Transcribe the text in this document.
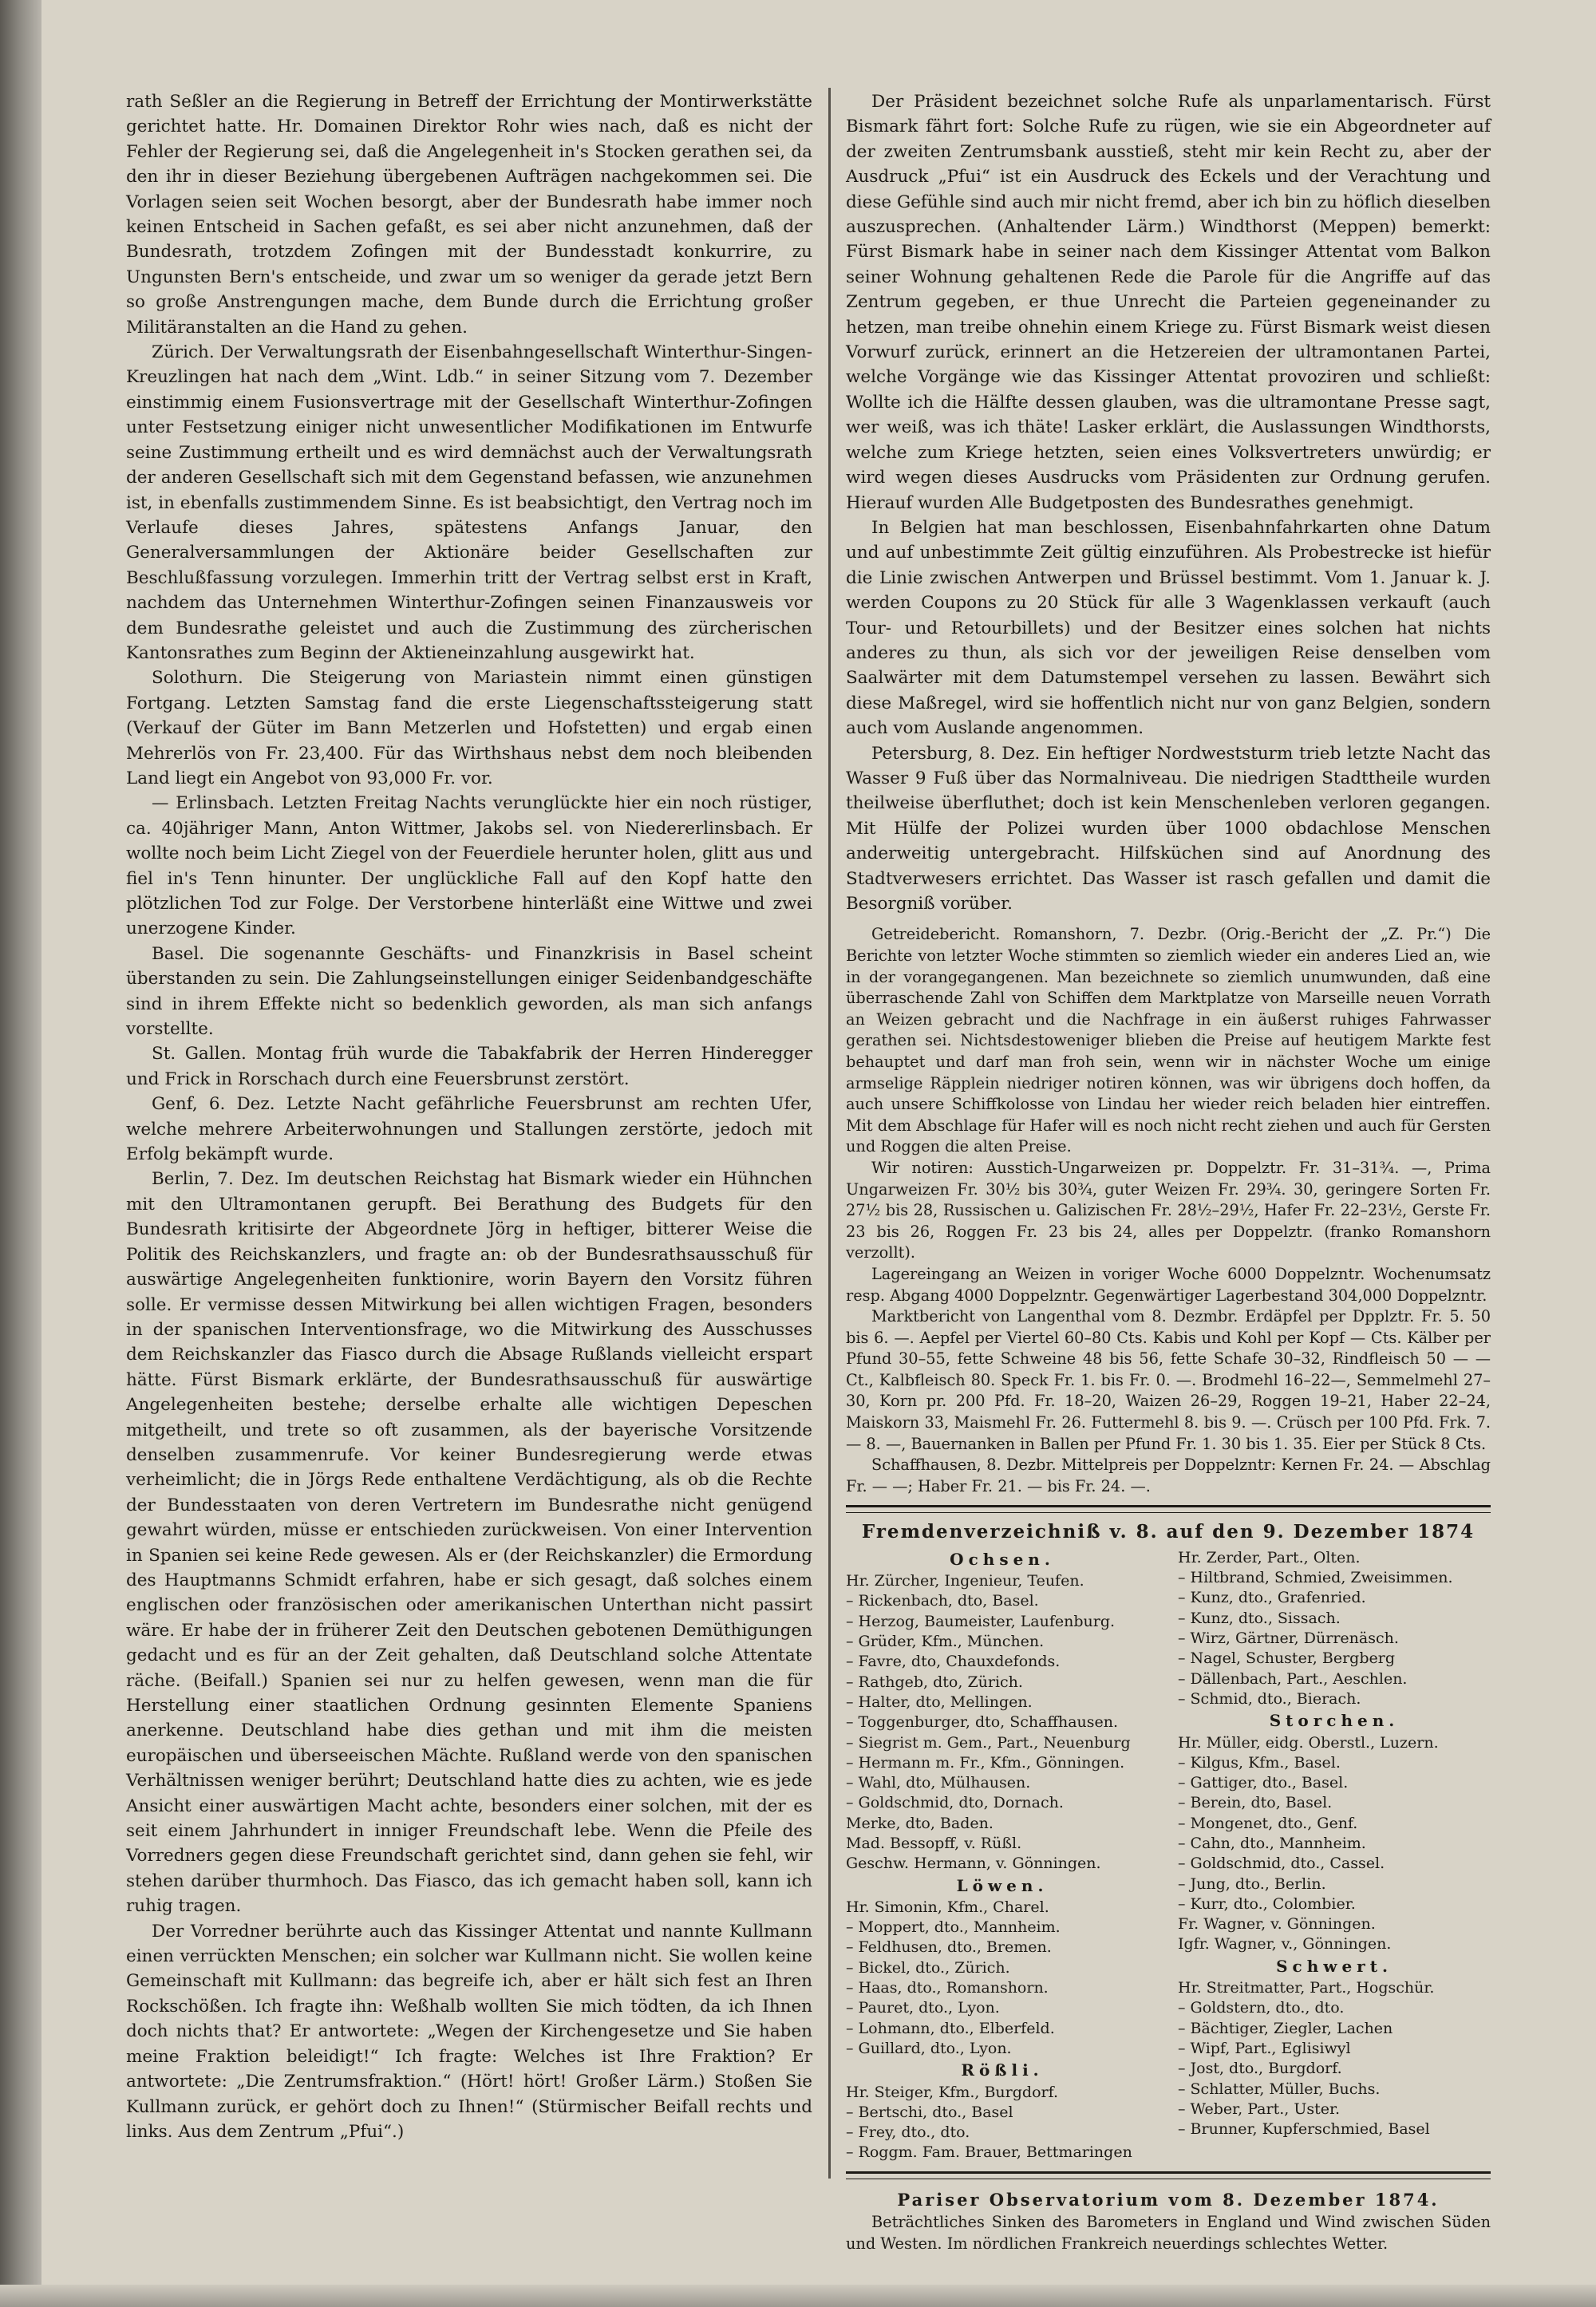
rath Seßler an die Regierung in Betreff der Errichtung der Montirwerkstätte gerichtet hatte. Hr. Domainen Direktor Rohr wies nach, daß es nicht der Fehler der Regierung sei, daß die Angelegenheit in's Stocken gerathen sei, da den ihr in dieser Beziehung übergebenen Aufträgen nachgekommen sei. Die Vorlagen seien seit Wochen besorgt, aber der Bundesrath habe immer noch keinen Entscheid in Sachen gefaßt, es sei aber nicht anzunehmen, daß der Bundesrath, trotzdem Zofingen mit der Bundesstadt konkurrire, zu Ungunsten Bern's entscheide, und zwar um so weniger da gerade jetzt Bern so große Anstrengungen mache, dem Bunde durch die Errichtung großer Militäranstalten an die Hand zu gehen.

Zürich. Der Verwaltungsrath der Eisenbahngesellschaft Winterthur-Singen-Kreuzlingen hat nach dem „Wint. Ldb.“ in seiner Sitzung vom 7. Dezember einstimmig einem Fusionsvertrage mit der Gesellschaft Winterthur-Zofingen unter Festsetzung einiger nicht unwesentlicher Modifikationen im Entwurfe seine Zustimmung ertheilt und es wird demnächst auch der Verwaltungsrath der anderen Gesellschaft sich mit dem Gegenstand befassen, wie anzunehmen ist, in ebenfalls zustimmendem Sinne. Es ist beabsichtigt, den Vertrag noch im Verlaufe dieses Jahres, spätestens Anfangs Januar, den Generalversammlungen der Aktionäre beider Gesellschaften zur Beschlußfassung vorzulegen. Immerhin tritt der Vertrag selbst erst in Kraft, nachdem das Unternehmen Winterthur-Zofingen seinen Finanzausweis vor dem Bundesrathe geleistet und auch die Zustimmung des zürcherischen Kantonsrathes zum Beginn der Aktieneinzahlung ausgewirkt hat.

Solothurn. Die Steigerung von Mariastein nimmt einen günstigen Fortgang. Letzten Samstag fand die erste Liegenschaftssteigerung statt (Verkauf der Güter im Bann Metzerlen und Hofstetten) und ergab einen Mehrerlös von Fr. 23,400. Für das Wirthshaus nebst dem noch bleibenden Land liegt ein Angebot von 93,000 Fr. vor.

— Erlinsbach. Letzten Freitag Nachts verunglückte hier ein noch rüstiger, ca. 40jähriger Mann, Anton Wittmer, Jakobs sel. von Niedererlinsbach. Er wollte noch beim Licht Ziegel von der Feuerdiele herunter holen, glitt aus und fiel in's Tenn hinunter. Der unglückliche Fall auf den Kopf hatte den plötzlichen Tod zur Folge. Der Verstorbene hinterläßt eine Wittwe und zwei unerzogene Kinder.

Basel. Die sogenannte Geschäfts- und Finanzkrisis in Basel scheint überstanden zu sein. Die Zahlungseinstellungen einiger Seidenbandgeschäfte sind in ihrem Effekte nicht so bedenklich geworden, als man sich anfangs vorstellte.

St. Gallen. Montag früh wurde die Tabakfabrik der Herren Hinderegger und Frick in Rorschach durch eine Feuersbrunst zerstört.

Genf, 6. Dez. Letzte Nacht gefährliche Feuersbrunst am rechten Ufer, welche mehrere Arbeiterwohnungen und Stallungen zerstörte, jedoch mit Erfolg bekämpft wurde.

Berlin, 7. Dez. Im deutschen Reichstag hat Bismark wieder ein Hühnchen mit den Ultramontanen gerupft. Bei Berathung des Budgets für den Bundesrath kritisirte der Abgeordnete Jörg in heftiger, bitterer Weise die Politik des Reichskanzlers, und fragte an: ob der Bundesrathsausschuß für auswärtige Angelegenheiten funktionire, worin Bayern den Vorsitz führen solle. Er vermisse dessen Mitwirkung bei allen wichtigen Fragen, besonders in der spanischen Interventionsfrage, wo die Mitwirkung des Ausschusses dem Reichskanzler das Fiasco durch die Absage Rußlands vielleicht erspart hätte. Fürst Bismark erklärte, der Bundesrathsausschuß für auswärtige Angelegenheiten bestehe; derselbe erhalte alle wichtigen Depeschen mitgetheilt, und trete so oft zusammen, als der bayerische Vorsitzende denselben zusammenrufe. Vor keiner Bundesregierung werde etwas verheimlicht; die in Jörgs Rede enthaltene Verdächtigung, als ob die Rechte der Bundesstaaten von deren Vertretern im Bundesrathe nicht genügend gewahrt würden, müsse er entschieden zurückweisen. Von einer Intervention in Spanien sei keine Rede gewesen. Als er (der Reichskanzler) die Ermordung des Hauptmanns Schmidt erfahren, habe er sich gesagt, daß solches einem englischen oder französischen oder amerikanischen Unterthan nicht passirt wäre. Er habe der in früherer Zeit den Deutschen gebotenen Demüthigungen gedacht und es für an der Zeit gehalten, daß Deutschland solche Attentate räche. (Beifall.) Spanien sei nur zu helfen gewesen, wenn man die für Herstellung einer staatlichen Ordnung gesinnten Elemente Spaniens anerkenne. Deutschland habe dies gethan und mit ihm die meisten europäischen und überseeischen Mächte. Rußland werde von den spanischen Verhältnissen weniger berührt; Deutschland hatte dies zu achten, wie es jede Ansicht einer auswärtigen Macht achte, besonders einer solchen, mit der es seit einem Jahrhundert in inniger Freundschaft lebe. Wenn die Pfeile des Vorredners gegen diese Freundschaft gerichtet sind, dann gehen sie fehl, wir stehen darüber thurmhoch. Das Fiasco, das ich gemacht haben soll, kann ich ruhig tragen.

Der Vorredner berührte auch das Kissinger Attentat und nannte Kullmann einen verrückten Menschen; ein solcher war Kullmann nicht. Sie wollen keine Gemeinschaft mit Kullmann: das begreife ich, aber er hält sich fest an Ihren Rockschößen. Ich fragte ihn: Weßhalb wollten Sie mich tödten, da ich Ihnen doch nichts that? Er antwortete: „Wegen der Kirchengesetze und Sie haben meine Fraktion beleidigt!“ Ich fragte: Welches ist Ihre Fraktion? Er antwortete: „Die Zentrumsfraktion.“ (Hört! hört! Großer Lärm.) Stoßen Sie Kullmann zurück, er gehört doch zu Ihnen!“ (Stürmischer Beifall rechts und links. Aus dem Zentrum „Pfui“.)

Der Präsident bezeichnet solche Rufe als unparlamentarisch. Fürst Bismark fährt fort: Solche Rufe zu rügen, wie sie ein Abgeordneter auf der zweiten Zentrumsbank ausstieß, steht mir kein Recht zu, aber der Ausdruck „Pfui“ ist ein Ausdruck des Eckels und der Verachtung und diese Gefühle sind auch mir nicht fremd, aber ich bin zu höflich dieselben auszusprechen. (Anhaltender Lärm.) Windthorst (Meppen) bemerkt: Fürst Bismark habe in seiner nach dem Kissinger Attentat vom Balkon seiner Wohnung gehaltenen Rede die Parole für die Angriffe auf das Zentrum gegeben, er thue Unrecht die Parteien gegeneinander zu hetzen, man treibe ohnehin einem Kriege zu. Fürst Bismark weist diesen Vorwurf zurück, erinnert an die Hetzereien der ultramontanen Partei, welche Vorgänge wie das Kissinger Attentat provoziren und schließt: Wollte ich die Hälfte dessen glauben, was die ultramontane Presse sagt, wer weiß, was ich thäte! Lasker erklärt, die Auslassungen Windthorsts, welche zum Kriege hetzten, seien eines Volksvertreters unwürdig; er wird wegen dieses Ausdrucks vom Präsidenten zur Ordnung gerufen. Hierauf wurden Alle Budgetposten des Bundesrathes genehmigt.

In Belgien hat man beschlossen, Eisenbahnfahrkarten ohne Datum und auf unbestimmte Zeit gültig einzuführen. Als Probestrecke ist hiefür die Linie zwischen Antwerpen und Brüssel bestimmt. Vom 1. Januar k. J. werden Coupons zu 20 Stück für alle 3 Wagenklassen verkauft (auch Tour- und Retourbillets) und der Besitzer eines solchen hat nichts anderes zu thun, als sich vor der jeweiligen Reise denselben vom Saalwärter mit dem Datumstempel versehen zu lassen. Bewährt sich diese Maßregel, wird sie hoffentlich nicht nur von ganz Belgien, sondern auch vom Auslande angenommen.

Petersburg, 8. Dez. Ein heftiger Nordweststurm trieb letzte Nacht das Wasser 9 Fuß über das Normalniveau. Die niedrigen Stadttheile wurden theilweise überfluthet; doch ist kein Menschenleben verloren gegangen. Mit Hülfe der Polizei wurden über 1000 obdachlose Menschen anderweitig untergebracht. Hilfsküchen sind auf Anordnung des Stadtverwesers errichtet. Das Wasser ist rasch gefallen und damit die Besorgniß vorüber.

Getreidebericht. Romanshorn, 7. Dezbr. (Orig.-Bericht der „Z. Pr.“) Die Berichte von letzter Woche stimmten so ziemlich wieder ein anderes Lied an, wie in der vorangegangenen. Man bezeichnete so ziemlich unumwunden, daß eine überraschende Zahl von Schiffen dem Marktplatze von Marseille neuen Vorrath an Weizen gebracht und die Nachfrage in ein äußerst ruhiges Fahrwasser gerathen sei. Nichtsdestoweniger blieben die Preise auf heutigem Markte fest behauptet und darf man froh sein, wenn wir in nächster Woche um einige armselige Räpplein niedriger notiren können, was wir übrigens doch hoffen, da auch unsere Schiffkolosse von Lindau her wieder reich beladen hier eintreffen. Mit dem Abschlage für Hafer will es noch nicht recht ziehen und auch für Gersten und Roggen die alten Preise.

Wir notiren: Ausstich-Ungarweizen pr. Doppelztr. Fr. 31–31¾. —, Prima Ungarweizen Fr. 30½ bis 30¾, guter Weizen Fr. 29¾. 30, geringere Sorten Fr. 27½ bis 28, Russischen u. Galizischen Fr. 28½–29½, Hafer Fr. 22–23½, Gerste Fr. 23 bis 26, Roggen Fr. 23 bis 24, alles per Doppelztr. (franko Romanshorn verzollt).

Lagereingang an Weizen in voriger Woche 6000 Doppelzntr. Wochenumsatz resp. Abgang 4000 Doppelzntr. Gegenwärtiger Lagerbestand 304,000 Doppelzntr.

Marktbericht von Langenthal vom 8. Dezmbr. Erdäpfel per Dpplztr. Fr. 5. 50 bis 6. —. Aepfel per Viertel 60–80 Cts. Kabis und Kohl per Kopf — Cts. Kälber per Pfund 30–55, fette Schweine 48 bis 56, fette Schafe 30–32, Rindfleisch 50 — — Ct., Kalbfleisch 80. Speck Fr. 1. bis Fr. 0. —. Brodmehl 16–22—, Semmelmehl 27–30, Korn pr. 200 Pfd. Fr. 18–20, Waizen 26–29, Roggen 19–21, Haber 22–24, Maiskorn 33, Maismehl Fr. 26. Futtermehl 8. bis 9. —. Crüsch per 100 Pfd. Frk. 7. — 8. —, Bauernanken in Ballen per Pfund Fr. 1. 30 bis 1. 35. Eier per Stück 8 Cts.

Schaffhausen, 8. Dezbr. Mittelpreis per Doppelzntr: Kernen Fr. 24. — Abschlag Fr. — —; Haber Fr. 21. — bis Fr. 24. —.

Fremdenverzeichniß v. 8. auf den 9. Dezember 1874
Ochsen.
Hr. Zürcher, Ingenieur, Teufen.
– Rickenbach, dto, Basel.
– Herzog, Baumeister, Laufenburg.
– Grüder, Kfm., München.
– Favre, dto, Chauxdefonds.
– Rathgeb, dto, Zürich.
– Halter, dto, Mellingen.
– Toggenburger, dto, Schaffhausen.
– Siegrist m. Gem., Part., Neuenburg
– Hermann m. Fr., Kfm., Gönningen.
– Wahl, dto, Mülhausen.
– Goldschmid, dto, Dornach.
Merke, dto, Baden.
Mad. Bessopff, v. Rüßl.
Geschw. Hermann, v. Gönningen.
Löwen.
Hr. Simonin, Kfm., Charel.
– Moppert, dto., Mannheim.
– Feldhusen, dto., Bremen.
– Bickel, dto., Zürich.
– Haas, dto., Romanshorn.
– Pauret, dto., Lyon.
– Lohmann, dto., Elberfeld.
– Guillard, dto., Lyon.
Rößli.
Hr. Steiger, Kfm., Burgdorf.
– Bertschi, dto., Basel
– Frey, dto., dto.
– Roggm. Fam. Brauer, Bettmaringen
Hr. Zerder, Part., Olten.
– Hiltbrand, Schmied, Zweisimmen.
– Kunz, dto., Grafenried.
– Kunz, dto., Sissach.
– Wirz, Gärtner, Dürrenäsch.
– Nagel, Schuster, Bergberg
– Dällenbach, Part., Aeschlen.
– Schmid, dto., Bierach.
Storchen.
Hr. Müller, eidg. Oberstl., Luzern.
– Kilgus, Kfm., Basel.
– Gattiger, dto., Basel.
– Berein, dto, Basel.
– Mongenet, dto., Genf.
– Cahn, dto., Mannheim.
– Goldschmid, dto., Cassel.
– Jung, dto., Berlin.
– Kurr, dto., Colombier.
Fr. Wagner, v. Gönningen.
Igfr. Wagner, v., Gönningen.
Schwert.
Hr. Streitmatter, Part., Hogschür.
– Goldstern, dto., dto.
– Bächtiger, Ziegler, Lachen
– Wipf, Part., Eglisiwyl
– Jost, dto., Burgdorf.
– Schlatter, Müller, Buchs.
– Weber, Part., Uster.
– Brunner, Kupferschmied, Basel
Pariser Observatorium vom 8. Dezember 1874.

Beträchtliches Sinken des Barometers in England und Wind zwischen Süden und Westen. Im nördlichen Frankreich neuerdings schlechtes Wetter.
